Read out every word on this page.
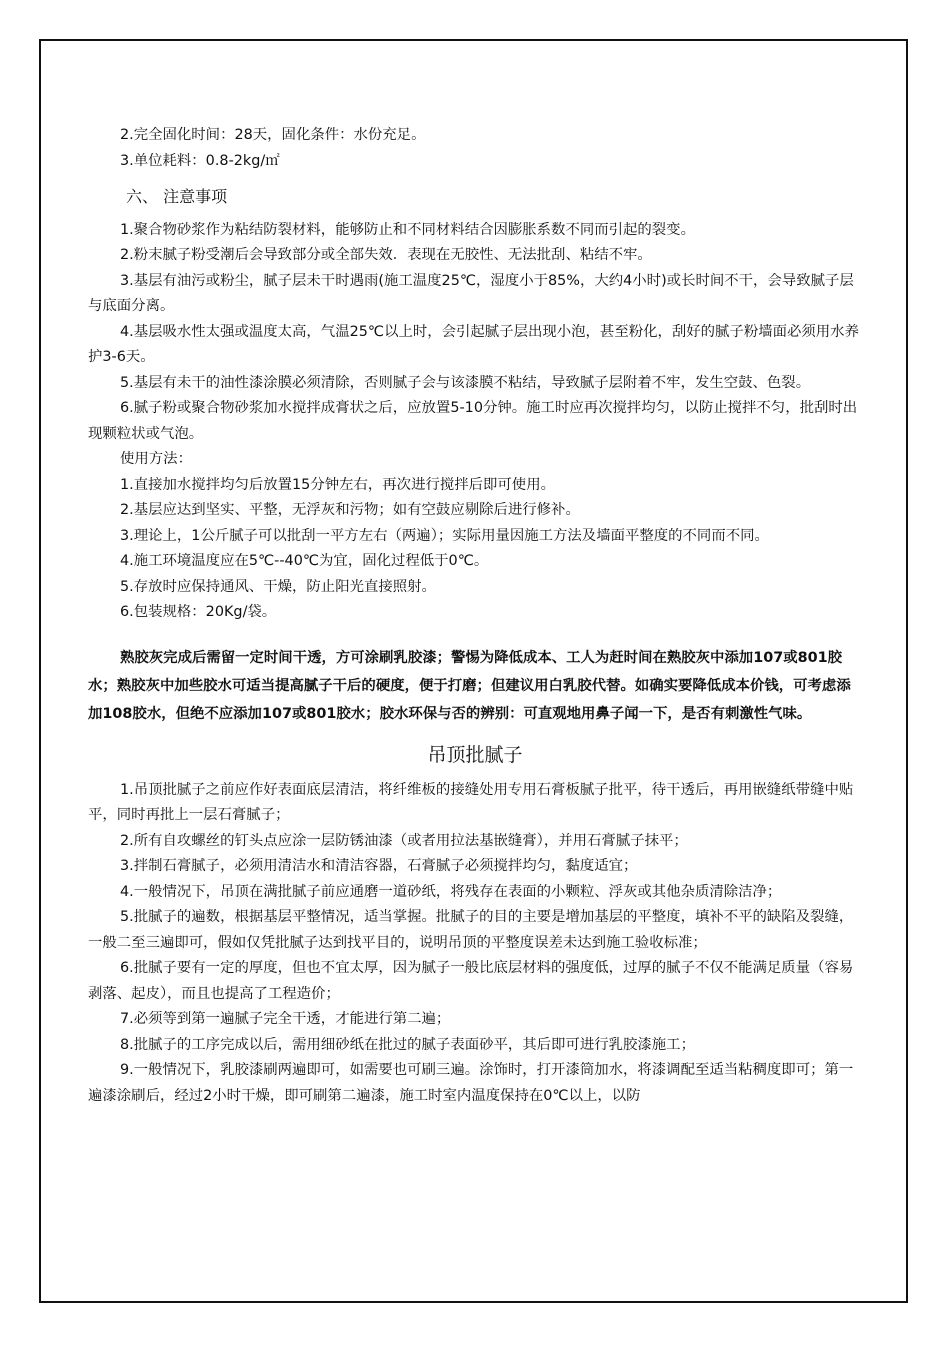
2.完全固化时间：28天，固化条件：水份充足。

3.单位耗料：0.8-2kg/㎡

六、 注意事项

1.聚合物砂浆作为粘结防裂材料，能够防止和不同材料结合因膨胀系数不同而引起的裂变。

2.粉末腻子粉受潮后会导致部分或全部失效．表现在无胶性、无法批刮、粘结不牢。

3.基层有油污或粉尘，腻子层未干时遇雨(施工温度25℃，湿度小于85%，大约4小时)或长时间不干，会导致腻子层与底面分离。

4.基层吸水性太强或温度太高，气温25℃以上时，会引起腻子层出现小泡，甚至粉化，刮好的腻子粉墙面必须用水养护3-6天。

5.基层有未干的油性漆涂膜必须清除，否则腻子会与该漆膜不粘结，导致腻子层附着不牢，发生空鼓、色裂。

6.腻子粉或聚合物砂浆加水搅拌成膏状之后，应放置5-10分钟。施工时应再次搅拌均匀，以防止搅拌不匀，批刮时出现颗粒状或气泡。

使用方法：

1.直接加水搅拌均匀后放置15分钟左右，再次进行搅拌后即可使用。

2.基层应达到坚实、平整，无浮灰和污物；如有空鼓应剔除后进行修补。

3.理论上，1公斤腻子可以批刮一平方左右（两遍）；实际用量因施工方法及墙面平整度的不同而不同。

4.施工环境温度应在5℃--40℃为宜，固化过程低于0℃。

5.存放时应保持通风、干燥，防止阳光直接照射。

6.包装规格：20Kg/袋。

熟胶灰完成后需留一定时间干透，方可涂刷乳胶漆；警惕为降低成本、工人为赶时间在熟胶灰中添加107或801胶水；熟胶灰中加些胶水可适当提高腻子干后的硬度，便于打磨；但建议用白乳胶代替。如确实要降低成本价钱，可考虑添加108胶水，但绝不应添加107或801胶水；胶水环保与否的辨别：可直观地用鼻子闻一下，是否有刺激性气味。

吊顶批腻子

1.吊顶批腻子之前应作好表面底层清洁，将纤维板的接缝处用专用石膏板腻子批平，待干透后，再用嵌缝纸带缝中贴平，同时再批上一层石膏腻子；

2.所有自攻螺丝的钉头点应涂一层防锈油漆（或者用拉法基嵌缝膏），并用石膏腻子抹平；

3.拌制石膏腻子，必须用清洁水和清洁容器，石膏腻子必须搅拌均匀，黏度适宜；

4.一般情况下，吊顶在满批腻子前应通磨一道砂纸，将残存在表面的小颗粒、浮灰或其他杂质清除洁净；

5.批腻子的遍数，根据基层平整情况，适当掌握。批腻子的目的主要是增加基层的平整度，填补不平的缺陷及裂缝，一般二至三遍即可，假如仅凭批腻子达到找平目的，说明吊顶的平整度误差未达到施工验收标准；

6.批腻子要有一定的厚度，但也不宜太厚，因为腻子一般比底层材料的强度低，过厚的腻子不仅不能满足质量（容易剥落、起皮），而且也提高了工程造价；

7.必须等到第一遍腻子完全干透，才能进行第二遍；

8.批腻子的工序完成以后，需用细砂纸在批过的腻子表面砂平，其后即可进行乳胶漆施工；

9.一般情况下，乳胶漆刷两遍即可，如需要也可刷三遍。涂饰时，打开漆筒加水，将漆调配至适当粘稠度即可；第一遍漆涂刷后，经过2小时干燥，即可刷第二遍漆，施工时室内温度保持在0℃以上，以防
